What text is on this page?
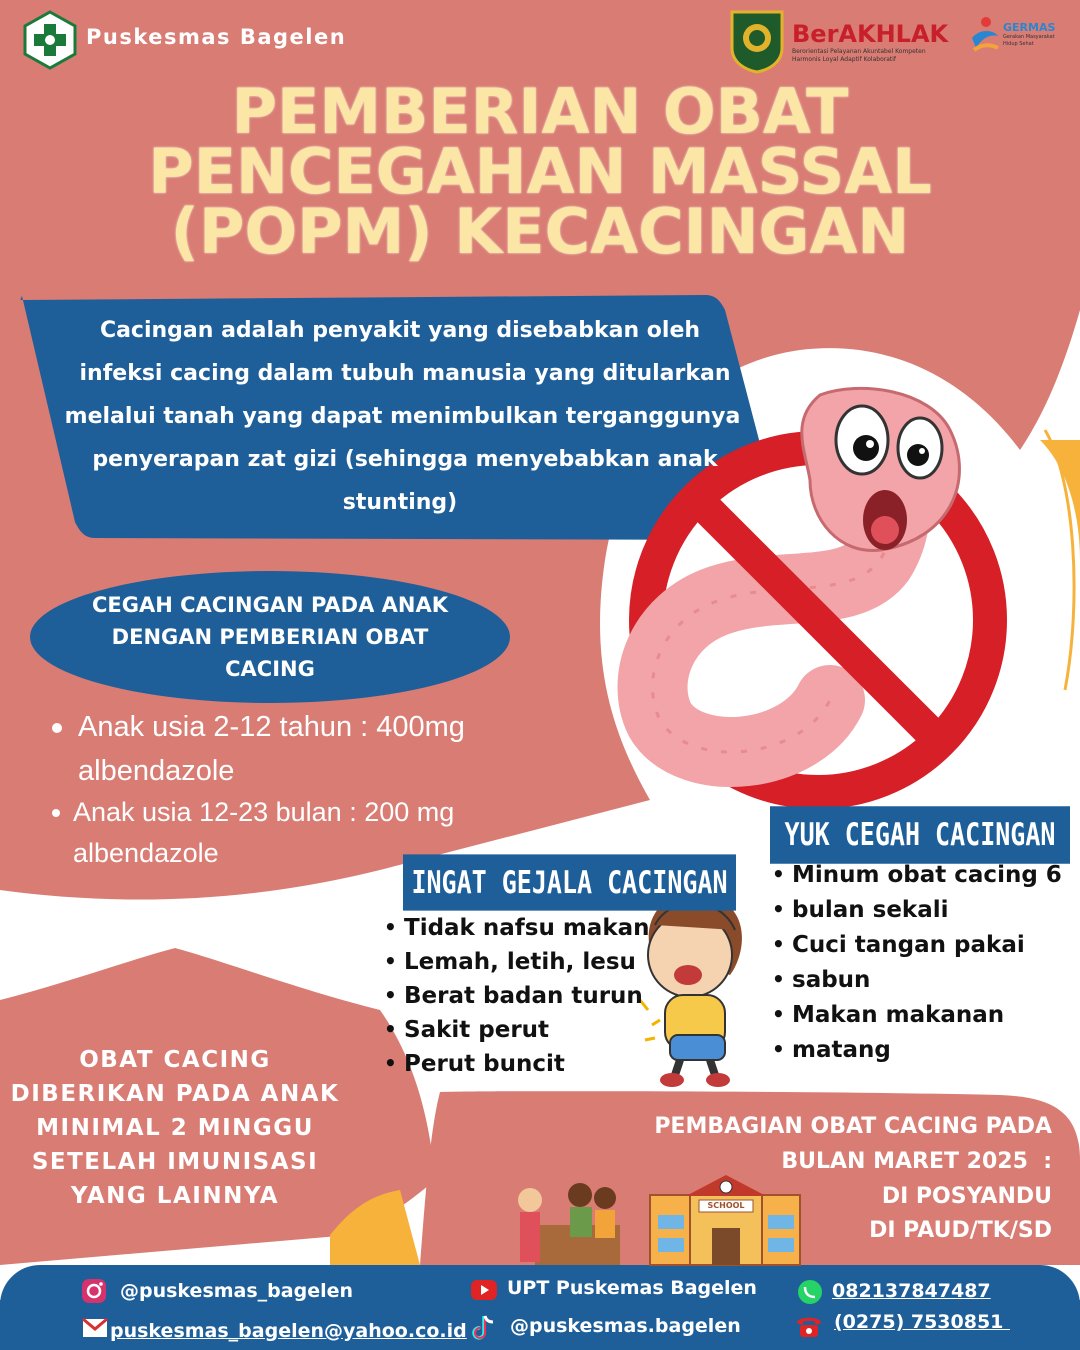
SCHOOL
Puskesmas Bagelen	BerAKHLAK
Berorientasi Pelayanan Akuntabel Kompeten
Harmonis Loyal Adaptif Kolaboratif
GERMAS
Gerakan Masyarakat
Hidup Sehat
PEMBERIAN OBAT
PENCEGAHAN MASSAL
(POPM) KECACINGAN
Cacingan adalah penyakit yang disebabkan oleh
infeksi cacing dalam tubuh manusia yang ditularkan
melalui tanah yang dapat menimbulkan terganggunya
penyerapan zat gizi (sehingga menyebabkan anak
stunting)
CEGAH CACINGAN PADA ANAK
DENGAN PEMBERIAN OBAT
CACING
Anak usia 2-12 tahun : 400mg
albendazole
Anak usia 12-23 bulan : 200 mg
albendazole
INGAT GEJALA CACINGAN
• Tidak nafsu makan
• Lemah, letih, lesu
• Berat badan turun
• Sakit perut
• Perut buncit
YUK CEGAH CACINGAN
• Minum obat cacing 6
• bulan sekali
• Cuci tangan pakai
• sabun
• Makan makanan
• matang
OBAT CACING
DIBERIKAN PADA ANAK
MINIMAL 2 MINGGU
SETELAH IMUNISASI
YANG LAINNYA
PEMBAGIAN OBAT CACING PADA
BULAN MARET 2025  :
DI POSYANDU
DI PAUD/TK/SD
@puskesmas_bagelen
puskesmas_bagelen@yahoo.co.id
UPT Puskemas Bagelen
@puskesmas.bagelen
082137847487
(0275) 7530851
